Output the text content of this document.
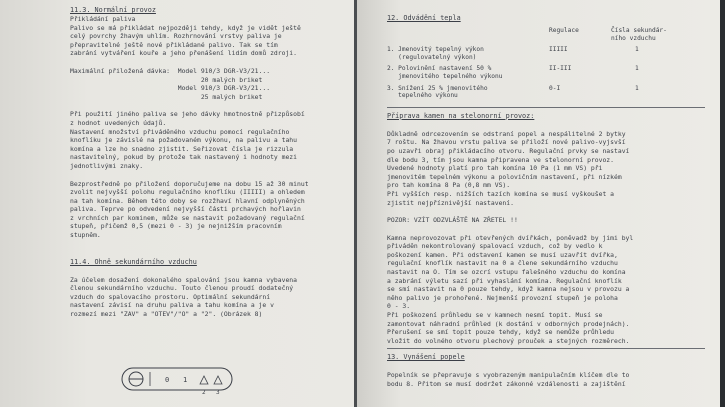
11.3. Normální provoz

Přikládání paliva

Palivo se má přikládat nejpozději tehdy, když je vidět ještě

celý povrchy žhavým uhlím. Rozhrnování vrstvy paliva je

přepravitelné ještě nové přikládané palivo. Tak se tím

zabrání vytváření kouře a jeho přenášení lidím domů zdroji.

Maximální přiložená dávka:  Model 910/3 DGR-V3/21...

20 malých briket

Model 910/3 DGR-V3/21...

25 malých briket

Při použití jiného paliva se jeho dávky hmotnostně přizpůsobí

z hodnot uvedených údajů.

Nastavení množství přiváděného vzduchu pomocí regulačního

knoflíku je závislé na požadovaném výkonu, na palivu a tahu

komína a lze ho snadno zjistit. Seřizovat čísla je rizzula

nastavitelný, pokud by protože tak nastavený i hodnoty mezi

jednotlivými znaky.

Bezprostředně po přiložení doporučujeme na dobu 15 až 30 minut

zvolit nejvyšší polohu regulačního knoflíku (IIIII) a ohledem

na tah komína. Během této doby se rozžhaví hlavní odplyněných

paliva. Teprve po odvedení nejvyšší části prchavých hořlavin

z vrchních par kominem, může se nastavit požadovaný regulační

stupeň, přičemž 0,5 (mezi 0 - 3) je nejnižším pracovním

stupněm.

11.4. Ohně sekundárního vzduchu

Za účelem dosažení dokonalého spalování jsou kamna vybavena

členou sekundárního vzduchu. Touto členou proudí dodatečný

vzduch do spalovacího prostoru. Optimální sekundární

nastavení závisí na druhu paliva a tahu komína a je v

rozmezí mezi "ZAV" a "OTEV"/"O" a "2". (Obrázek 8)

0 1
2 3

12. Odvádění tepla

	Regulace	Čísla sekundár-
ního vzduchu
1. Jmenovitý tepelný výkon
(regulovatelný výkon)	IIIII	1
2. Polovinění nastavení 50 %
jmenovitého tepelného výkonu	II-III	1
3. Snížení 25 % jmenovitého
tepelného výkonu	0-I	1

Příprava kamen na stelonorní provoz:

Důkladně odrcezovením se odstraní popel a nespálitelné 2 bytky

7 roštu. Na žhavou vrstu paliva se přiloží nové palivo-vyjsvší

po uzavři obraj přikládacího otvoru. Regulační prvky se nastaví

dle bodu 3, tím jsou kamna připravena ve stelonorní provoz.

Uvedené hodnoty platí pro tah komína 10 Pa (1 mm VS) při

jmenovitém tepelném výkonu a polovičním nastavení, při nízkém

pro tah komína 8 Pa (0,8 mm VS).

Při vyšších resp. nižších tazích komína se musí vyškoušet a

zjistit nejpříznivější nastavení.

POZOR: VZÍT ODZVLÁŠTĚ NA ZŘETEL !!

Kamna neprovozovat při otevřených dvířkách, poněvadž by jimi byl

přiváděn nekontrolovaný spalovací vzduch, což by vedlo k

poškození kamen. Při odstavení kamen se musí uzavřít dvířka,

regulační knoflík nastavit na 0 a člene sekundárního vzduchu

nastavit na O. Tím se ozcrí vstupu falešného vzduchu do komína

a zabrání výletu sazí při vyhaslání komína. Regulační knoflík

se smí nastavit na 0 pouze tehdy, když kamna nejsou v provozu a

něho palivo je prohořené. Nejmenší provozní stupeň je poloha

0 - 3.

Při poškození průhledu se v kamnech nesmí topit. Musí se

zamontovat náhradní průhled (k dostání v odborných prodejnách).

Přerušení se smí topit pouze tehdy, když se nemůže průhledu

vložit do volného otvoru plechový prouček a stejných rozměrech.

13. Vynášení popele

Popelník se přepravuje s vyobrazeným manipulačním klíčem dle to

bodu 8. Přitom se musí dodržet zákonné vzdálenosti a zajištění
